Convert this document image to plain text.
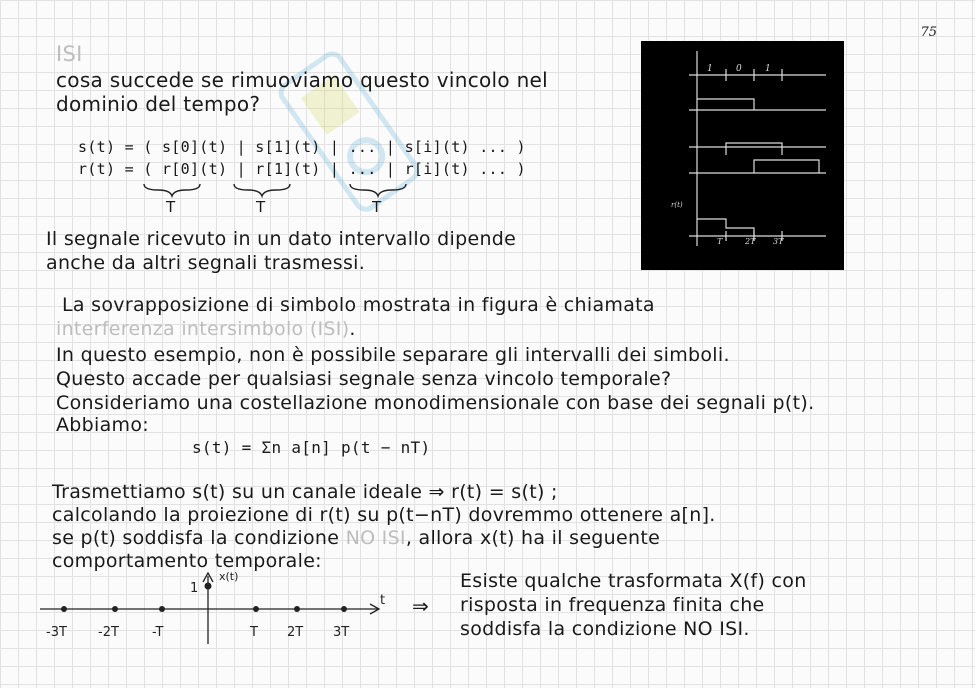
75
ISI
cosa succede se rimuoviamo questo vincolo nel
dominio del tempo?
s(t) = ( s[0](t) | s[1](t) | ... | s[i](t) ... )
r(t) = ( r[0](t) | r[1](t) | ... | r[i](t) ... )
T	T	T
Il segnale ricevuto in un dato intervallo dipende
anche da altri segnali trasmessi.
1	0	1
r(t)
T	2T 3T
La sovrapposizione di simbolo mostrata in figura è chiamata
interferenza intersimbolo (ISI).
In questo esempio, non è possibile separare gli intervalli dei simboli.
Questo accade per qualsiasi segnale senza vincolo temporale?
Consideriamo una costellazione monodimensionale con base dei segnali p(t).
Abbiamo:
s(t) = Σn a[n] p(t − nT)
Trasmettiamo s(t) su un canale ideale ⇒ r(t) = s(t) ;
calcolando la proiezione di r(t) su p(t−nT) dovremmo ottenere a[n].
se p(t) soddisfa la condizione NO ISI, allora x(t) ha il seguente
comportamento temporale:
x(t)
1
t
-3T -2T	-T	T 2T 3T
⇒
Esiste qualche trasformata X(f) con
risposta in frequenza finita che
soddisfa la condizione NO ISI.
